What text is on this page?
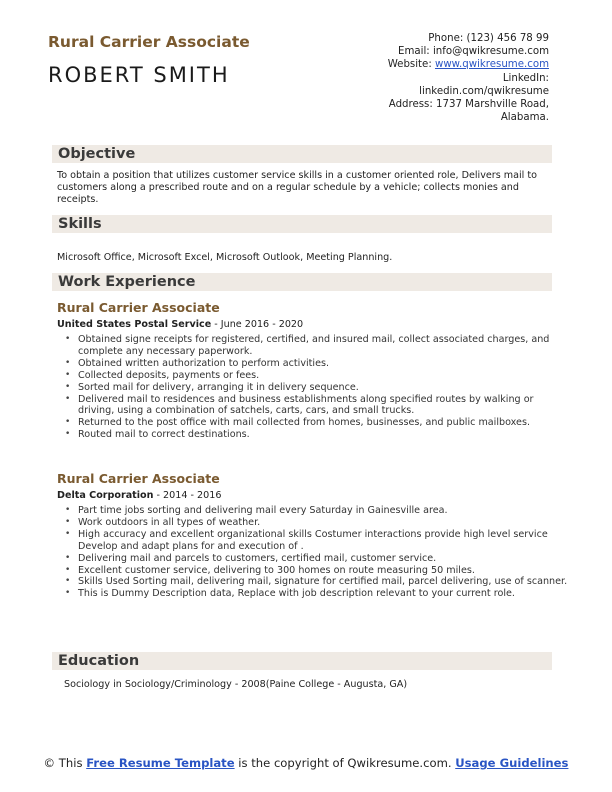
Rural Carrier Associate
ROBERT SMITH
Phone: (123) 456 78 99
Email: info@qwikresume.com
Website: www.qwikresume.com
LinkedIn:
linkedin.com/qwikresume
Address: 1737 Marshville Road,
Alabama.
Objective
To obtain a position that utilizes customer service skills in a customer oriented role, Delivers mail to customers along a prescribed route and on a regular schedule by a vehicle; collects monies and receipts.
Skills
Microsoft Office, Microsoft Excel, Microsoft Outlook, Meeting Planning.
Work Experience
Rural Carrier Associate
United States Postal Service - June 2016 - 2020
• Obtained signe receipts for registered, certified, and insured mail, collect associated charges, and complete any necessary paperwork.
• Obtained written authorization to perform activities.
• Collected deposits, payments or fees.
• Sorted mail for delivery, arranging it in delivery sequence.
• Delivered mail to residences and business establishments along specified routes by walking or driving, using a combination of satchels, carts, cars, and small trucks.
• Returned to the post office with mail collected from homes, businesses, and public mailboxes.
• Routed mail to correct destinations.
Rural Carrier Associate
Delta Corporation - 2014 - 2016
• Part time jobs sorting and delivering mail every Saturday in Gainesville area.
• Work outdoors in all types of weather.
• High accuracy and excellent organizational skills Costumer interactions provide high level service Develop and adapt plans for and execution of .
• Delivering mail and parcels to customers, certified mail, customer service.
• Excellent customer service, delivering to 300 homes on route measuring 50 miles.
• Skills Used Sorting mail, delivering mail, signature for certified mail, parcel delivering, use of scanner.
• This is Dummy Description data, Replace with job description relevant to your current role.
Education
Sociology in Sociology/Criminology - 2008(Paine College - Augusta, GA)
© This Free Resume Template is the copyright of Qwikresume.com. Usage Guidelines
